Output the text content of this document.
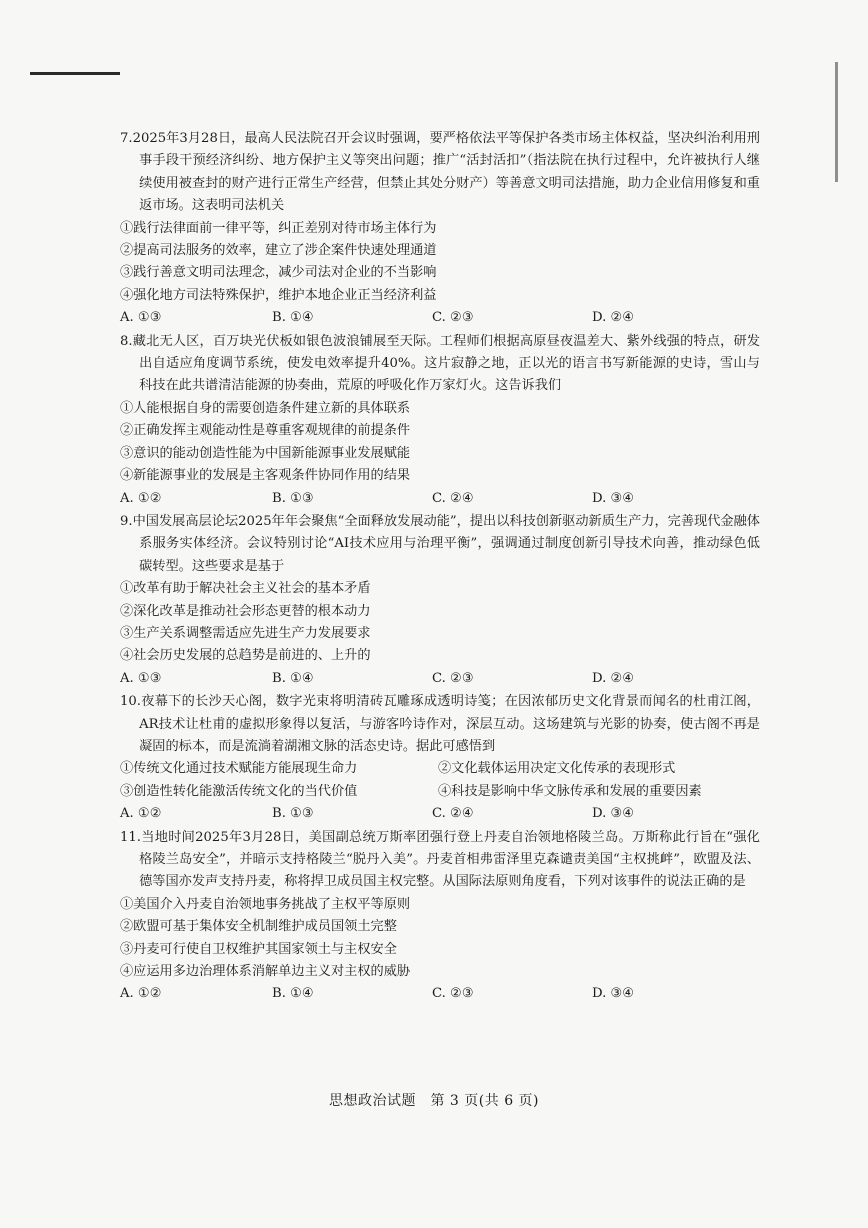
7.2025年3月28日，最高人民法院召开会议时强调，要严格依法平等保护各类市场主体权益，坚决纠治利用刑事手段干预经济纠纷、地方保护主义等突出问题；推广“活封活扣”（指法院在执行过程中，允许被执行人继续使用被查封的财产进行正常生产经营，但禁止其处分财产）等善意文明司法措施，助力企业信用修复和重返市场。这表明司法机关
①践行法律面前一律平等，纠正差别对待市场主体行为
②提高司法服务的效率，建立了涉企案件快速处理通道
③践行善意文明司法理念，减少司法对企业的不当影响
④强化地方司法特殊保护，维护本地企业正当经济利益
A. ①③	B. ①④	C. ②③	D. ②④
8.藏北无人区，百万块光伏板如银色波浪铺展至天际。工程师们根据高原昼夜温差大、紫外线强的特点，研发出自适应角度调节系统，使发电效率提升40%。这片寂静之地，正以光的语言书写新能源的史诗，雪山与科技在此共谱清洁能源的协奏曲，荒原的呼吸化作万家灯火。这告诉我们
①人能根据自身的需要创造条件建立新的具体联系
②正确发挥主观能动性是尊重客观规律的前提条件
③意识的能动创造性能为中国新能源事业发展赋能
④新能源事业的发展是主客观条件协同作用的结果
A. ①②	B. ①③	C. ②④	D. ③④
9.中国发展高层论坛2025年年会聚焦“全面释放发展动能”，提出以科技创新驱动新质生产力，完善现代金融体系服务实体经济。会议特别讨论“AI技术应用与治理平衡”，强调通过制度创新引导技术向善，推动绿色低碳转型。这些要求是基于
①改革有助于解决社会主义社会的基本矛盾
②深化改革是推动社会形态更替的根本动力
③生产关系调整需适应先进生产力发展要求
④社会历史发展的总趋势是前进的、上升的
A. ①③	B. ①④	C. ②③	D. ②④
10.夜幕下的长沙天心阁，数字光束将明清砖瓦雕琢成透明诗笺；在因浓郁历史文化背景而闻名的杜甫江阁，AR技术让杜甫的虚拟形象得以复活，与游客吟诗作对，深层互动。这场建筑与光影的协奏，使古阁不再是凝固的标本，而是流淌着湖湘文脉的活态史诗。据此可感悟到
①传统文化通过技术赋能方能展现生命力	②文化载体运用决定文化传承的表现形式
③创造性转化能激活传统文化的当代价值	④科技是影响中华文脉传承和发展的重要因素
A. ①②	B. ①③	C. ②④	D. ③④
11.当地时间2025年3月28日，美国副总统万斯率团强行登上丹麦自治领地格陵兰岛。万斯称此行旨在“强化格陵兰岛安全”，并暗示支持格陵兰“脱丹入美”。丹麦首相弗雷泽里克森谴责美国“主权挑衅”，欧盟及法、德等国亦发声支持丹麦，称将捍卫成员国主权完整。从国际法原则角度看，下列对该事件的说法正确的是
①美国介入丹麦自治领地事务挑战了主权平等原则
②欧盟可基于集体安全机制维护成员国领土完整
③丹麦可行使自卫权维护其国家领土与主权安全
④应运用多边治理体系消解单边主义对主权的威胁
A. ①②	B. ①④	C. ②③	D. ③④
思想政治试题　第 3 页(共 6 页)
